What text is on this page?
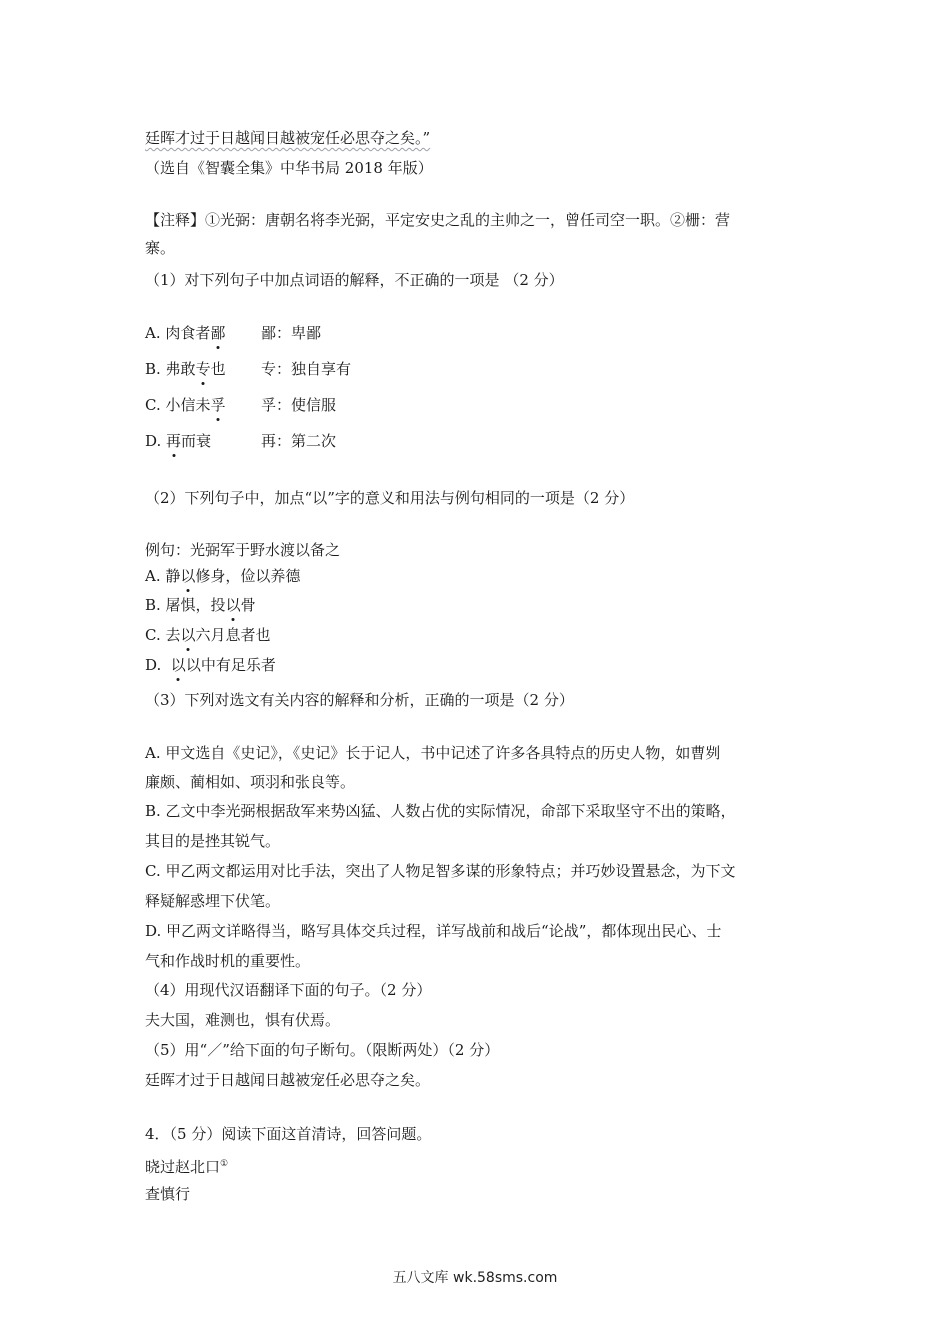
廷晖才过于日越闻日越被宠任必思夺之矣。”

（选自《智囊全集》中华书局 2018 年版）

【注释】①光弼：唐朝名将李光弼，平定安史之乱的主帅之一，曾任司空一职。②栅：营

寨。

（1）对下列句子中加点词语的解释，不正确的一项是 （2 分）

A. 肉食者鄙 鄙：卑鄙
B. 弗敢专也 专：独自享有
C. 小信未孚 孚：使信服
D. 再而衰	再：第二次

（2）下列句子中，加点“以”字的意义和用法与例句相同的一项是（2 分）

例句：光弼军于野水渡以备之

A. 静以修身，俭以养德

B. 屠惧，投以骨

C. 去以六月息者也

D.  以以中有足乐者

（3）下列对选文有关内容的解释和分析，正确的一项是（2 分）

A. 甲文选自《史记》，《史记》长于记人，书中记述了许多各具特点的历史人物，如曹刿

廉颇、蔺相如、项羽和张良等。

B. 乙文中李光弼根据敌军来势凶猛、人数占优的实际情况，命部下采取坚守不出的策略，

其目的是挫其锐气。

C. 甲乙两文都运用对比手法，突出了人物足智多谋的形象特点；并巧妙设置悬念，为下文

释疑解惑埋下伏笔。

D. 甲乙两文详略得当，略写具体交兵过程，详写战前和战后“论战”，都体现出民心、士

气和作战时机的重要性。

（4）用现代汉语翻译下面的句子。（2 分）

夫大国，难测也，惧有伏焉。

（5）用“／”给下面的句子断句。（限断两处）（2 分）

廷晖才过于日越闻日越被宠任必思夺之矣。

4．（5 分）阅读下面这首清诗，回答问题。

晓过赵北口①

查慎行

五八文库 wk.58sms.com
